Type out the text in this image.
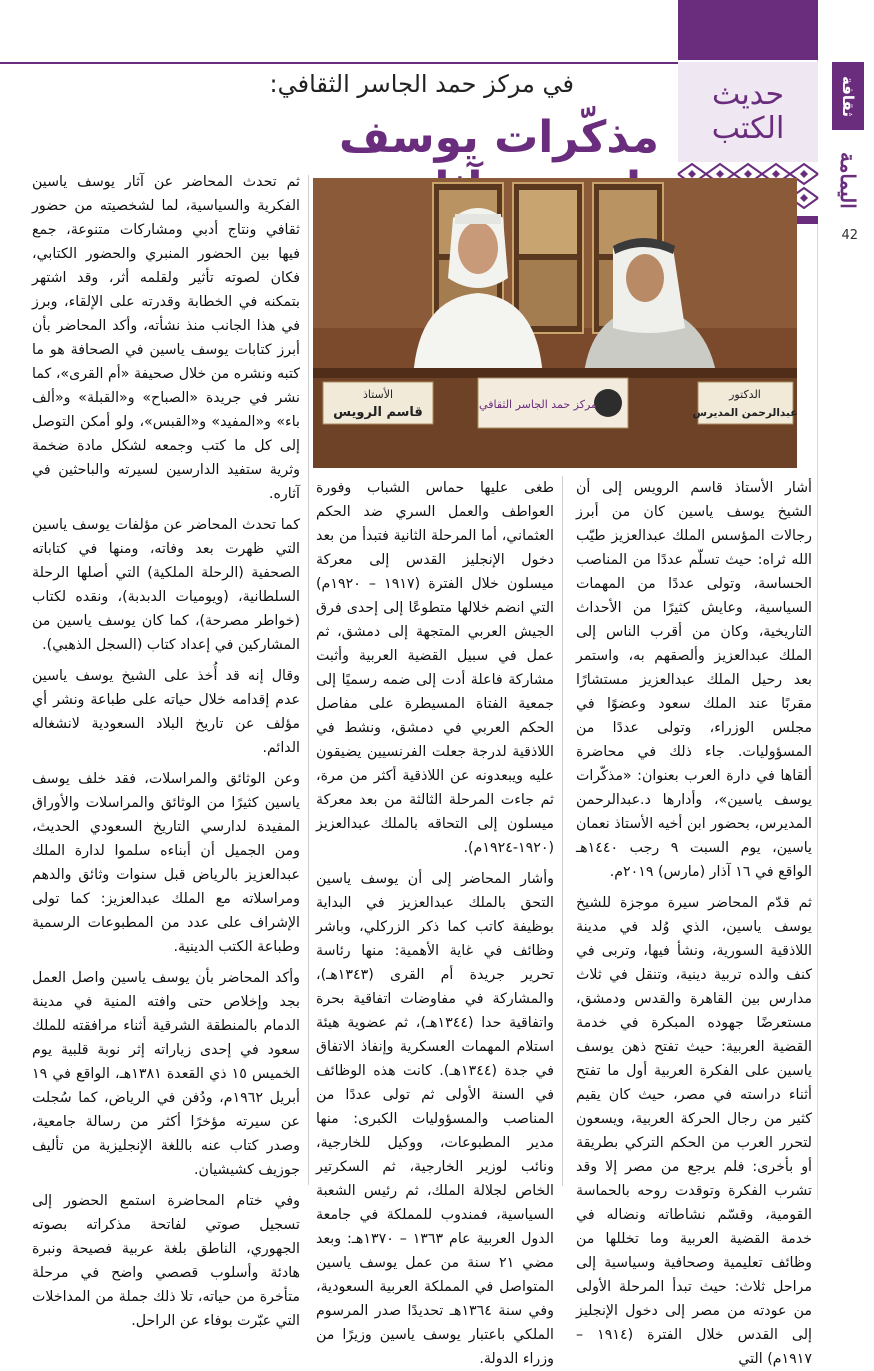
ثقافة
اليمامة
42
في مركز حمد الجاسر الثقافي:
مذكّرات يوسف
حديث
الكتب
الأستاذ
قاسم الرويس
مركز حمد الجاسر الثقافي
الدكتور
عبدالرحمن المديرس

أشار الأستاذ قاسم الرويس إلى أن الشيخ يوسف ياسين كان من أبرز رجالات المؤسس الملك عبدالعزيز طيّب الله ثراه: حيث تسلّم عددًا من المناصب الحساسة، وتولى عددًا من المهمات السياسية، وعايش كثيرًا من الأحداث التاريخية، وكان من أقرب الناس إلى الملك عبدالعزيز وألصقهم به، واستمر بعد رحيل الملك عبدالعزيز مستشارًا مقربًا عند الملك سعود وعضوًا في مجلس الوزراء، وتولى عددًا من المسؤوليات. جاء ذلك في محاضرة ألقاها في دارة العرب بعنوان: «مذكّرات يوسف ياسين»، وأدارها د.عبدالرحمن المديرس، بحضور ابن أخيه الأستاذ نعمان ياسين، يوم السبت ٩ رجب ١٤٤٠هـ الواقع في ١٦ آذار (مارس) ٢٠١٩م.

ثم قدّم المحاضر سيرة موجزة للشيخ يوسف ياسين، الذي وُلد في مدينة اللاذقية السورية، ونشأ فيها، وتربى في كنف والده تربية دينية، وتنقل في ثلاث مدارس بين القاهرة والقدس ودمشق، مستعرضًا جهوده المبكرة في خدمة القضية العربية: حيث تفتح ذهن يوسف ياسين على الفكرة العربية أول ما تفتح أثناء دراسته في مصر، حيث كان يقيم كثير من رجال الحركة العربية، ويسعون لتحرر العرب من الحكم التركي بطريقة أو بأخرى: فلم يرجع من مصر إلا وقد تشرب الفكرة وتوقدت روحه بالحماسة القومية، وقسّم نشاطاته ونضاله في خدمة القضية العربية وما تخللها من وظائف تعليمية وصحافية وسياسية إلى مراحل ثلاث: حيث تبدأ المرحلة الأولى من عودته من مصر إلى دخول الإنجليز إلى القدس خلال الفترة (١٩١٤ – ١٩١٧م) التي

طغى عليها حماس الشباب وفورة العواطف والعمل السري ضد الحكم العثماني، أما المرحلة الثانية فتبدأ من بعد دخول الإنجليز القدس إلى معركة ميسلون خلال الفترة (١٩١٧ – ١٩٢٠م) التي انضم خلالها متطوعًا إلى إحدى فرق الجيش العربي المتجهة إلى دمشق، ثم عمل في سبيل القضية العربية وأثبت مشاركة فاعلة أدت إلى ضمه رسميًا إلى جمعية الفتاة المسيطرة على مفاصل الحكم العربي في دمشق، ونشط في اللاذقية لدرجة جعلت الفرنسيين يضيقون عليه ويبعدونه عن اللاذقية أكثر من مرة، ثم جاءت المرحلة الثالثة من بعد معركة ميسلون إلى التحاقه بالملك عبدالعزيز (١٩٢٠-١٩٢٤م).

وأشار المحاضر إلى أن يوسف ياسين التحق بالملك عبدالعزيز في البداية بوظيفة كاتب كما ذكر الزركلي، وباشر وظائف في غاية الأهمية: منها رئاسة تحرير جريدة أم القرى (١٣٤٣هـ)، والمشاركة في مفاوضات اتفاقية بحرة واتفاقية حدا (١٣٤٤هـ)، ثم عضوية هيئة استلام المهمات العسكرية وإنفاذ الاتفاق في جدة (١٣٤٤هـ). كانت هذه الوظائف في السنة الأولى ثم تولى عددًا من المناصب والمسؤوليات الكبرى: منها مدير المطبوعات، ووكيل للخارجية، ونائب لوزير الخارجية، ثم السكرتير الخاص لجلالة الملك، ثم رئيس الشعبة السياسية، فمندوب للمملكة في جامعة الدول العربية عام ١٣٦٣ – ١٣٧٠هـ: وبعد مضي ٢١ سنة من عمل يوسف ياسين المتواصل في المملكة العربية السعودية، وفي سنة ١٣٦٤هـ تحديدًا صدر المرسوم الملكي باعتبار يوسف ياسين وزيرًا من وزراء الدولة.

ثم تحدث المحاضر عن آثار يوسف ياسين الفكرية والسياسية، لما لشخصيته من حضور ثقافي ونتاج أدبي ومشاركات متنوعة، جمع فيها بين الحضور المنبري والحضور الكتابي، فكان لصوته تأثير ولقلمه أثر، وقد اشتهر بتمكنه في الخطابة وقدرته على الإلقاء، وبرز في هذا الجانب منذ نشأته، وأكد المحاضر بأن أبرز كتابات يوسف ياسين في الصحافة هو ما كتبه ونشره من خلال صحيفة «أم القرى»، كما نشر في جريدة «الصباح» و«القبلة» و«ألف باء» و«المفيد» و«القبس»، ولو أمكن التوصل إلى كل ما كتب وجمعه لشكل مادة ضخمة وثرية ستفيد الدارسين لسيرته والباحثين في آثاره.

كما تحدث المحاضر عن مؤلفات يوسف ياسين التي ظهرت بعد وفاته، ومنها في كتاباته الصحفية (الرحلة الملكية) التي أصلها الرحلة السلطانية، (ويوميات الدبدبة)، ونقده لكتاب (خواطر مصرحة)، كما كان يوسف ياسين من المشاركين في إعداد كتاب (السجل الذهبي).

وقال إنه قد أُخذ على الشيخ يوسف ياسين عدم إقدامه خلال حياته على طباعة ونشر أي مؤلف عن تاريخ البلاد السعودية لانشغاله الدائم.

وعن الوثائق والمراسلات، فقد خلف يوسف ياسين كثيرًا من الوثائق والمراسلات والأوراق المفيدة لدارسي التاريخ السعودي الحديث، ومن الجميل أن أبناءه سلموا لدارة الملك عبدالعزيز بالرياض قبل سنوات وثائق والدهم ومراسلاته مع الملك عبدالعزيز: كما تولى الإشراف على عدد من المطبوعات الرسمية وطباعة الكتب الدينية.

وأكد المحاضر بأن يوسف ياسين واصل العمل بجد وإخلاص حتى وافته المنية في مدينة الدمام بالمنطقة الشرقية أثناء مرافقته للملك سعود في إحدى زياراته إثر نوبة قلبية يوم الخميس ١٥ ذي القعدة ١٣٨١هـ، الواقع في ١٩ أبريل ١٩٦٢م، ودُفن في الرياض، كما سُجلت عن سيرته مؤخرًا أكثر من رسالة جامعية، وصدر كتاب عنه باللغة الإنجليزية من تأليف جوزيف كشيشيان.

وفي ختام المحاضرة استمع الحضور إلى تسجيل صوتي لفاتحة مذكراته بصوته الجهوري، الناطق بلغة عربية فصيحة ونبرة هادئة وأسلوب قصصي واضح في مرحلة متأخرة من حياته، تلا ذلك جملة من المداخلات التي عبّرت بوفاء عن الراحل.
